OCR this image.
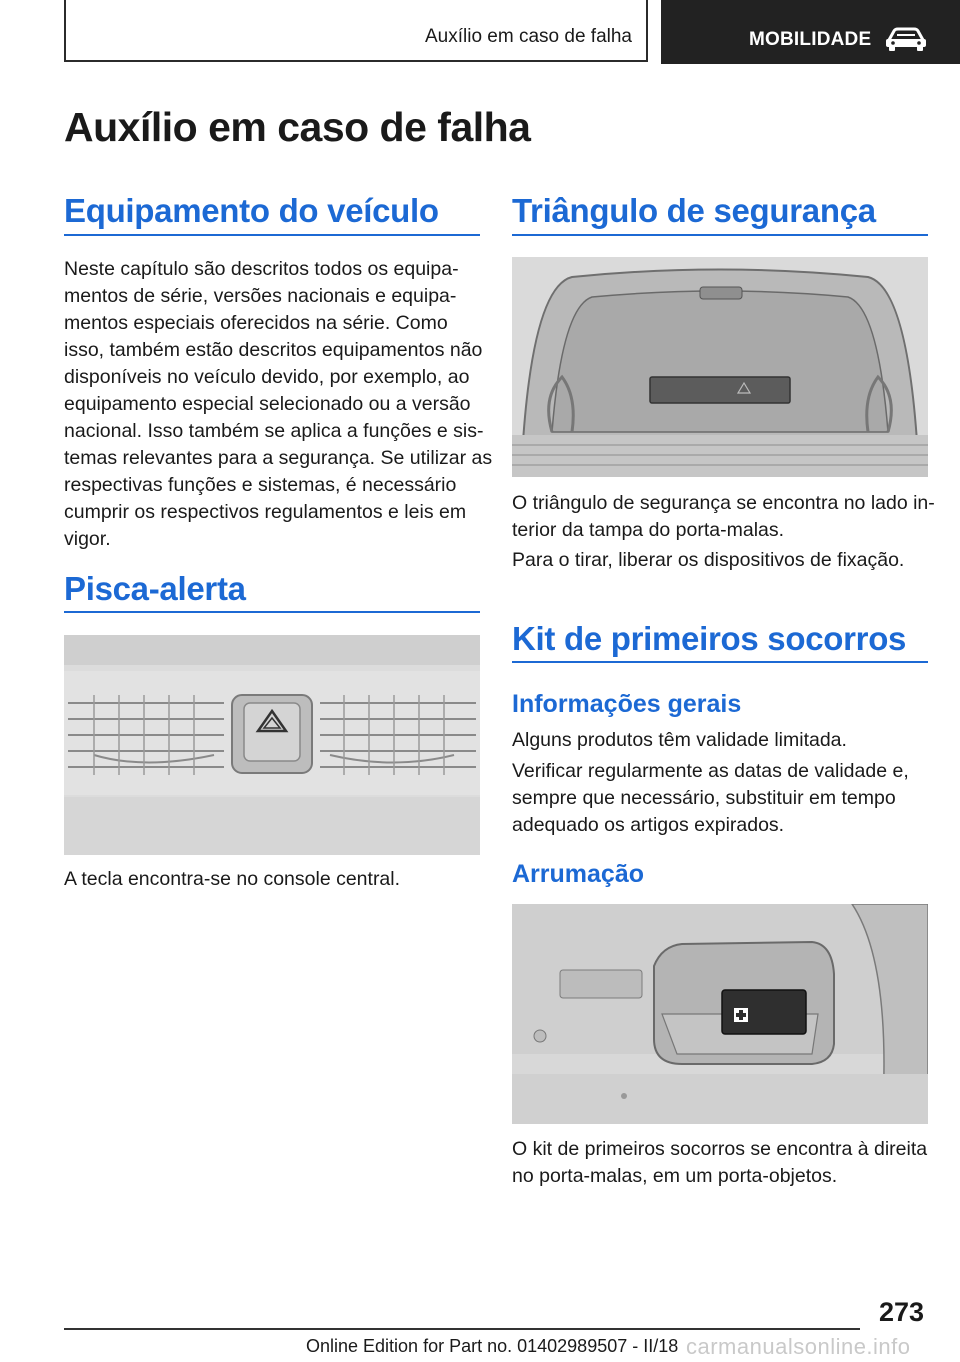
Auxílio em caso de falha	MOBILIDADE
Auxílio em caso de falha
Equipamento do veículo

Neste capítulo são descritos todos os equipa‐
mentos de série, versões nacionais e equipa‐
mentos especiais oferecidos na série. Como
isso, também estão descritos equipamentos não
disponíveis no veículo devido, por exemplo, ao
equipamento especial selecionado ou a versão
nacional. Isso também se aplica a funções e sis‐
temas relevantes para a segurança. Se utilizar as
respectivas funções e sistemas, é necessário
cumprir os respectivos regulamentos e leis em
vigor.

Pisca-alerta

A tecla encontra-se no console central.

Triângulo de segurança

O triângulo de segurança se encontra no lado in‐
terior da tampa do porta-malas.

Para o tirar, liberar os dispositivos de fixação.

Kit de primeiros socorros
Informações gerais

Alguns produtos têm validade limitada.

Verificar regularmente as datas de validade e,
sempre que necessário, substituir em tempo
adequado os artigos expirados.

Arrumação

O kit de primeiros socorros se encontra à direita
no porta-malas, em um porta-objetos.

273
Online Edition for Part no. 01402989507 - II/18 carmanualsonline.info
